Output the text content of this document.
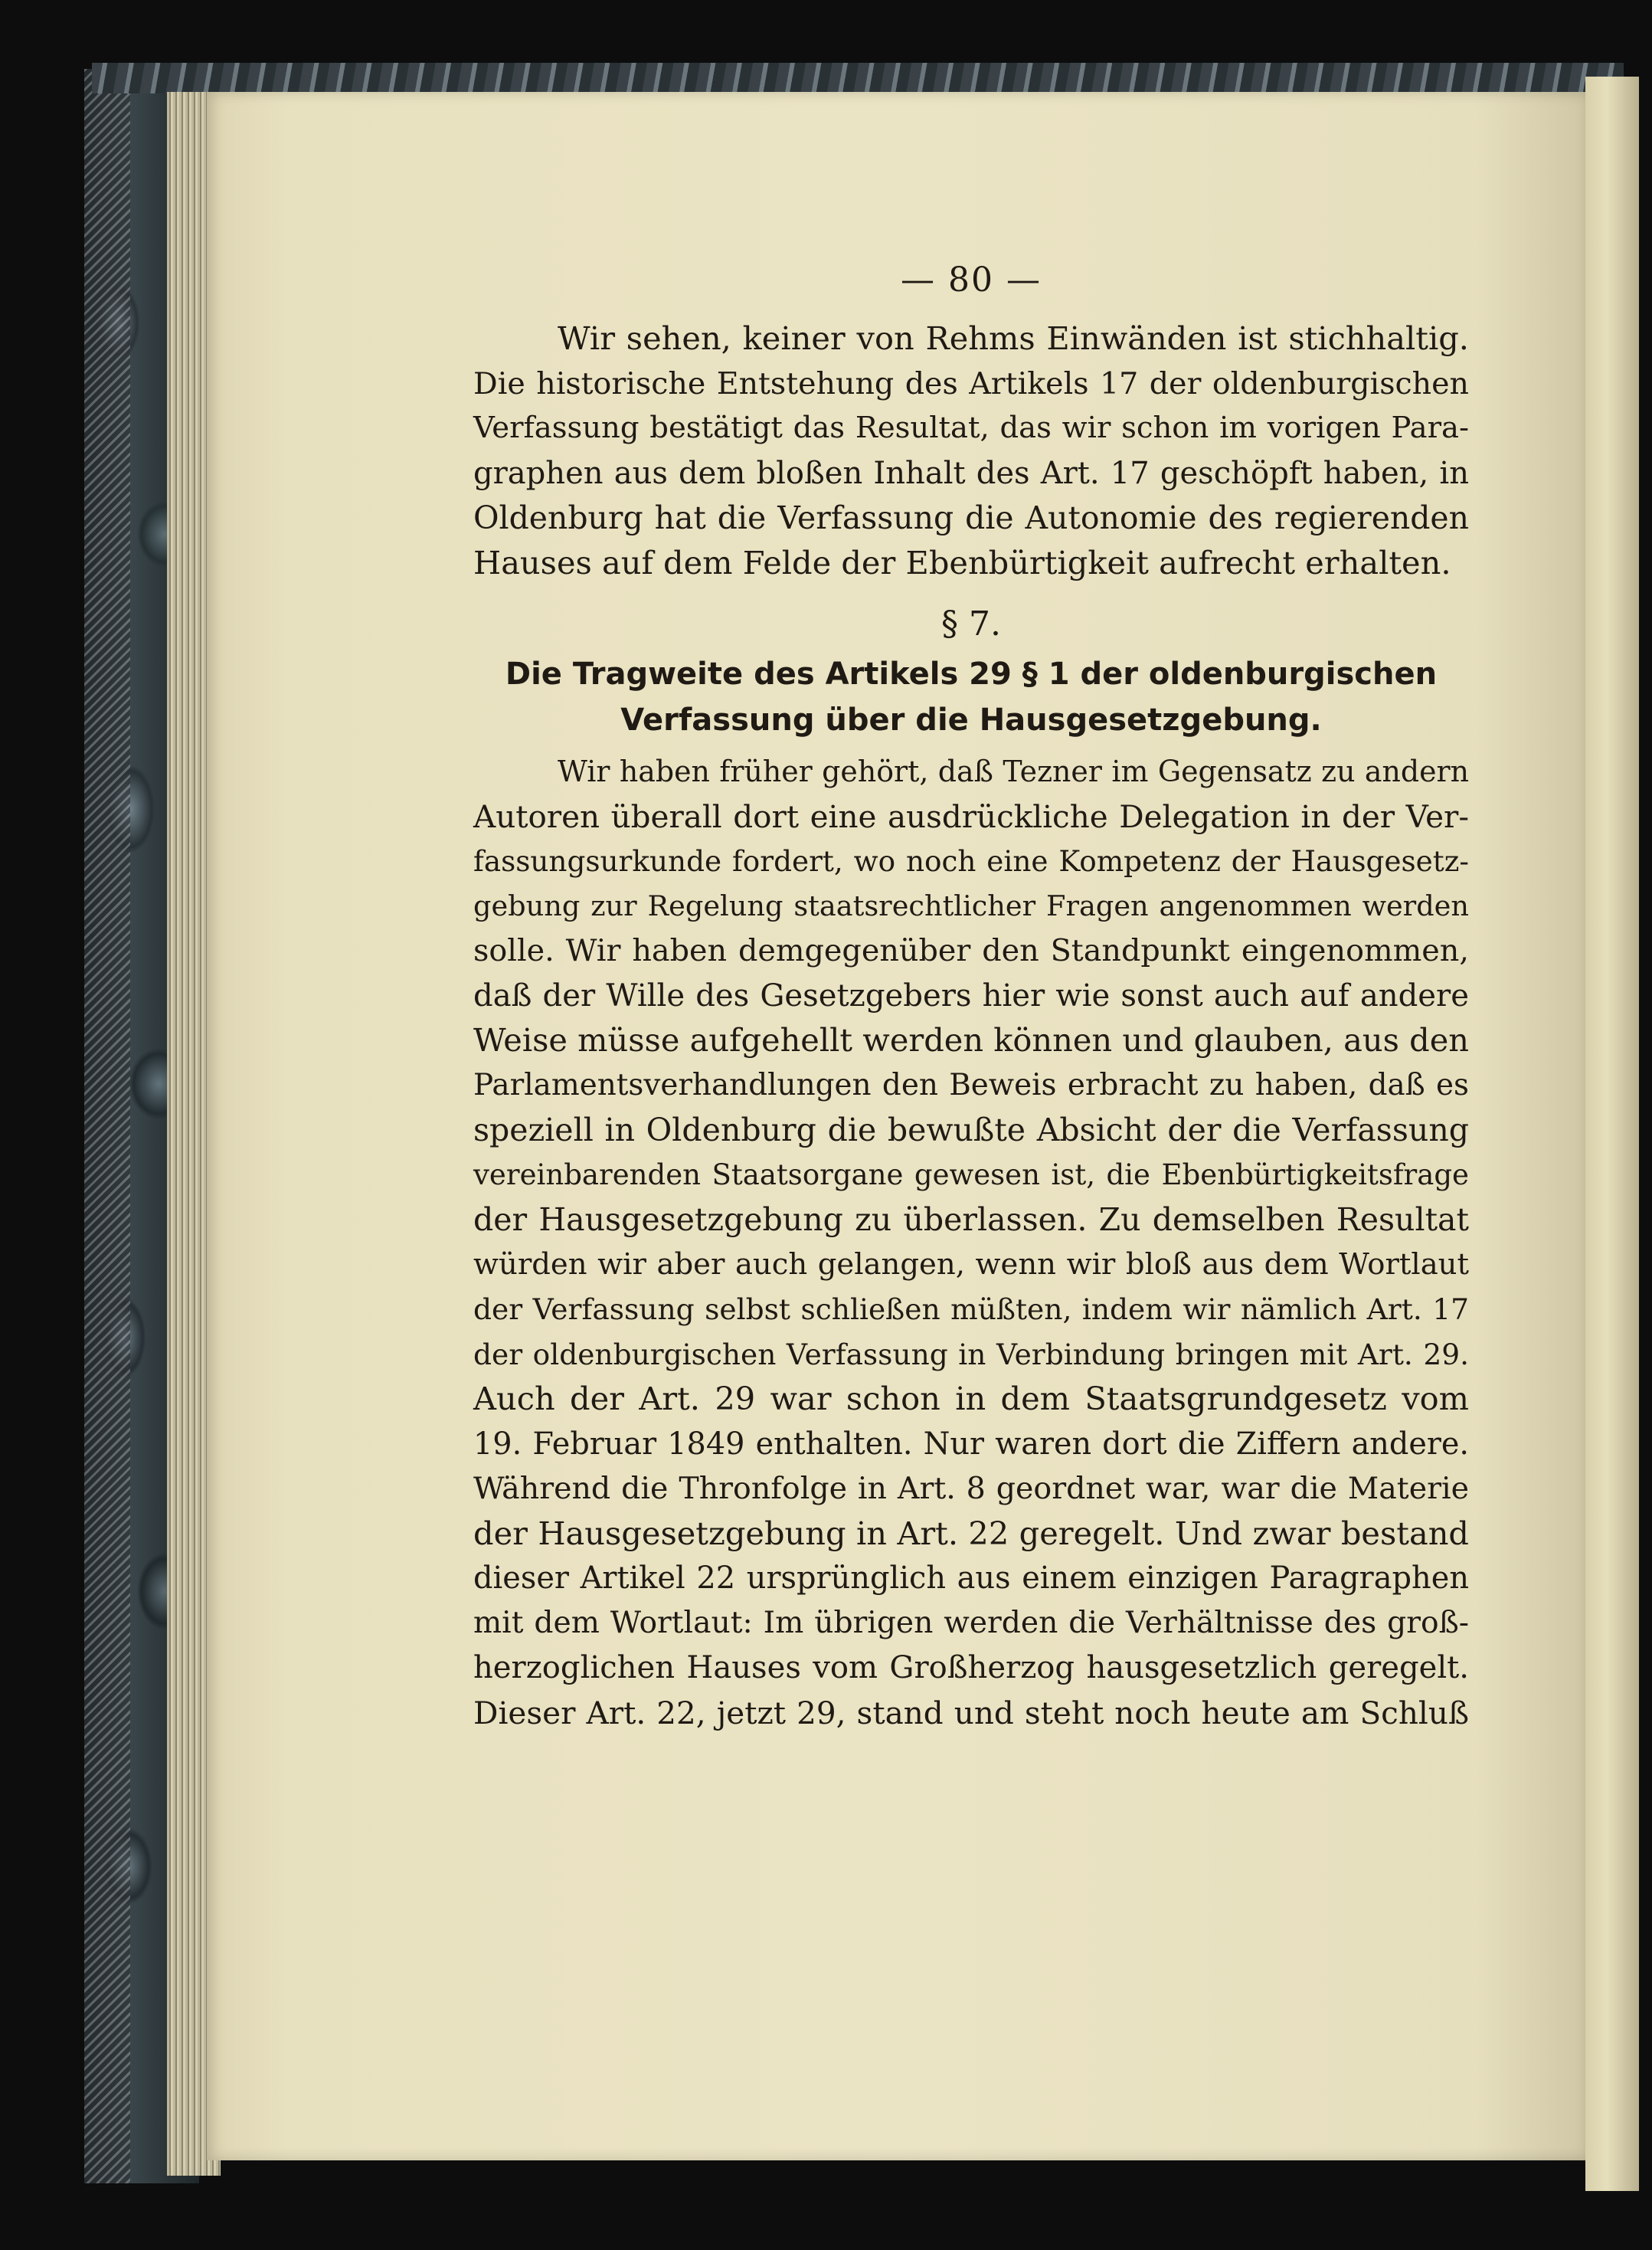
— 80 —
Wir sehen, keiner von Rehms Einwänden ist stichhaltig.
Die historische Entstehung des Artikels 17 der oldenburgischen
Verfassung bestätigt das Resultat, das wir schon im vorigen Para-
graphen aus dem bloßen Inhalt des Art. 17 geschöpft haben, in
Oldenburg hat die Verfassung die Autonomie des regierenden
Hauses auf dem Felde der Ebenbürtigkeit aufrecht erhalten.
§ 7.
Die Tragweite des Artikels 29 § 1 der oldenburgischen
Verfassung über die Hausgesetzgebung.
Wir haben früher gehört, daß Tezner im Gegensatz zu andern
Autoren überall dort eine ausdrückliche Delegation in der Ver-
fassungsurkunde fordert, wo noch eine Kompetenz der Hausgesetz-
gebung zur Regelung staatsrechtlicher Fragen angenommen werden
solle. Wir haben demgegenüber den Standpunkt eingenommen,
daß der Wille des Gesetzgebers hier wie sonst auch auf andere
Weise müsse aufgehellt werden können und glauben, aus den
Parlamentsverhandlungen den Beweis erbracht zu haben, daß es
speziell in Oldenburg die bewußte Absicht der die Verfassung
vereinbarenden Staatsorgane gewesen ist, die Ebenbürtigkeitsfrage
der Hausgesetzgebung zu überlassen. Zu demselben Resultat
würden wir aber auch gelangen, wenn wir bloß aus dem Wortlaut
der Verfassung selbst schließen müßten, indem wir nämlich Art. 17
der oldenburgischen Verfassung in Verbindung bringen mit Art. 29.
Auch der Art. 29 war schon in dem Staatsgrundgesetz vom
19. Februar 1849 enthalten. Nur waren dort die Ziffern andere.
Während die Thronfolge in Art. 8 geordnet war, war die Materie
der Hausgesetzgebung in Art. 22 geregelt. Und zwar bestand
dieser Artikel 22 ursprünglich aus einem einzigen Paragraphen
mit dem Wortlaut: Im übrigen werden die Verhältnisse des groß-
herzoglichen Hauses vom Großherzog hausgesetzlich geregelt.
Dieser Art. 22, jetzt 29, stand und steht noch heute am Schluß
